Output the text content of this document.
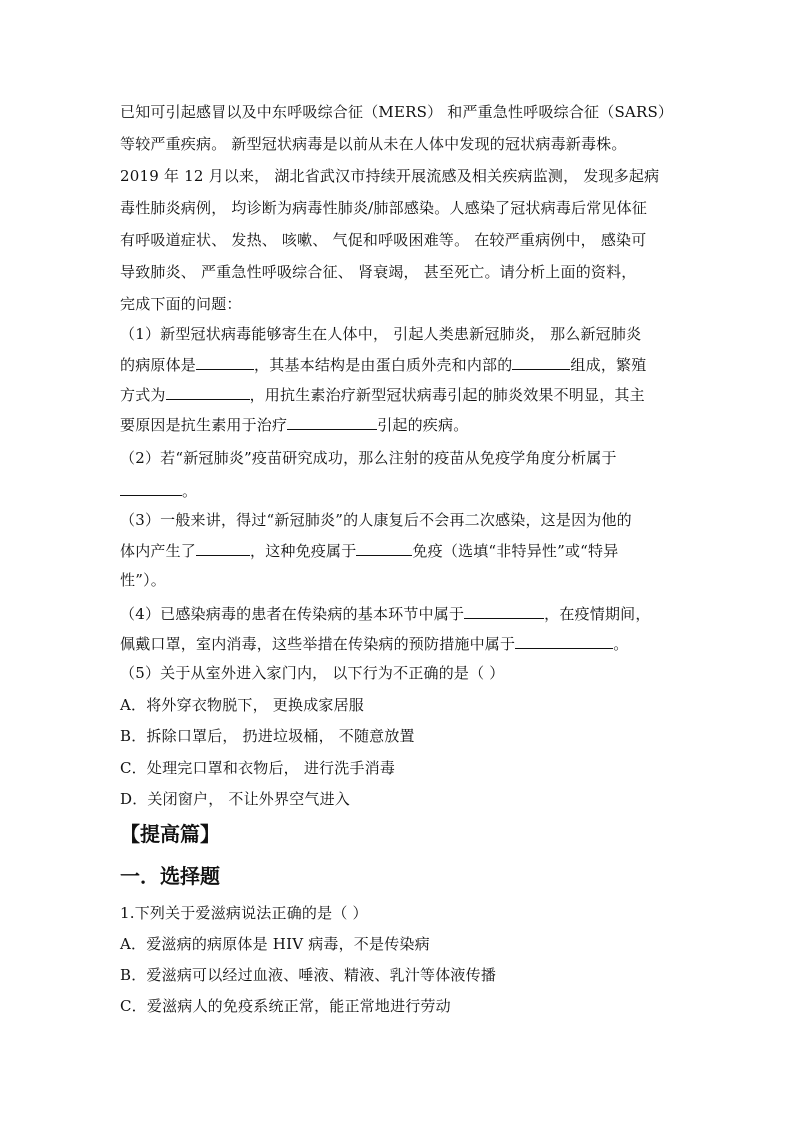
已知可引起感冒以及中东呼吸综合征（MERS） 和严重急性呼吸综合征（SARS）
等较严重疾病。 新型冠状病毒是以前从未在人体中发现的冠状病毒新毒株。
2019 年 12 月以来， 湖北省武汉市持续开展流感及相关疾病监测， 发现多起病
毒性肺炎病例， 均诊断为病毒性肺炎/肺部感染。人感染了冠状病毒后常见体征
有呼吸道症状、 发热、 咳嗽、 气促和呼吸困难等。 在较严重病例中， 感染可
导致肺炎、 严重急性呼吸综合征、 肾衰竭， 甚至死亡。请分析上面的资料，
完成下面的问题：
（1）新型冠状病毒能够寄生在人体中， 引起人类患新冠肺炎， 那么新冠肺炎
的病原体是	，其基本结构是由蛋白质外壳和内部的	组成，繁殖
方式为	，用抗生素治疗新型冠状病毒引起的肺炎效果不明显，其主
要原因是抗生素用于治疗	引起的疾病。
（2）若“新冠肺炎”疫苗研究成功，那么注射的疫苗从免疫学角度分析属于
。
（3）一般来讲，得过“新冠肺炎”的人康复后不会再二次感染，这是因为他的
体内产生了	，这种免疫属于	免疫（选填“非特异性”或“特异
性”）。
（4）已感染病毒的患者在传染病的基本环节中属于	，在疫情期间，
佩戴口罩，室内消毒，这些举措在传染病的预防措施中属于	。
（5）关于从室外进入家门内， 以下行为不正确的是（ ）
A．将外穿衣物脱下， 更换成家居服
B．拆除口罩后， 扔进垃圾桶， 不随意放置
C．处理完口罩和衣物后， 进行洗手消毒
D．关闭窗户， 不让外界空气进入
【提高篇】
一．选择题
1.下列关于爱滋病说法正确的是（ ）
A．爱滋病的病原体是 HIV 病毒，不是传染病
B．爱滋病可以经过血液、唾液、精液、乳汁等体液传播
C．爱滋病人的免疫系统正常，能正常地进行劳动
